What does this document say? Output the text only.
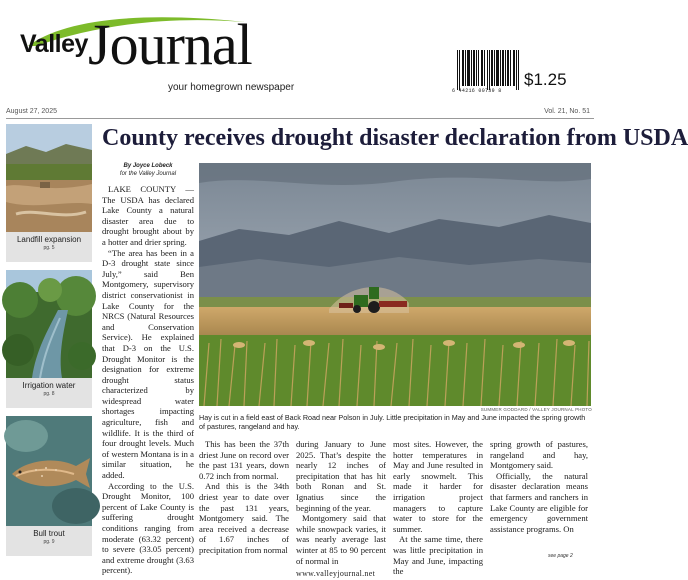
Valley Journal
your homegrown newspaper	6 44216 00739 8
$1.25
August 27, 2025	Vol. 21, No. 51
Landfill expansion
pg. 5
Irrigation water
pg. 8
Bull trout
pg. 9
County receives drought disaster declaration from USDA
By Joyce Lobeck
for the Valley Journal

LAKE COUNTY — The USDA has declared Lake County a natural disaster area due to drought brought about by a hotter and drier spring.

“The area has been in a D-3 drought state since July,” said Ben Montgomery, supervisory district conservationist in Lake County for the NRCS (Natural Resources and Conservation Service). He explained that D-3 on the U.S. Drought Monitor is the designation for extreme drought status characterized by widespread water shortages impacting agriculture, fish and wildlife. It is the third of four drought levels. Much of western Montana is in a similar situation, he added.

According to the U.S. Drought Monitor, 100 percent of Lake County is suffering drought conditions ranging from moderate (63.32 percent) to severe (33.05 percent) and extreme drought (3.63 percent).

SUMMER GODDARD / VALLEY JOURNAL PHOTO
Hay is cut in a field east of Back Road near Polson in July. Little precipitation in May and June impacted the spring growth of pastures, rangeland and hay.

This has been the 37th driest June on record over the past 131 years, down 0.72 inch from normal.

And this is the 34th driest year to date over the past 131 years, Montgomery said. The area received a decrease of 1.67 inches of precipitation from normal

during January to June 2025. That’s despite the nearly 12 inches of precipitation that has hit both Ronan and St. Ignatius since the beginning of the year.

Montgomery said that while snowpack varies, it was nearly average last winter at 85 to 90 percent of normal in

most sites. However, the hotter temperatures in May and June resulted in early snowmelt. This made it harder for irrigation project managers to capture water to store for the summer.

At the same time, there was little precipitation in May and June, impacting the

spring growth of pastures, rangeland and hay, Montgomery said.

Officially, the natural disaster declaration means that farmers and ranchers in Lake County are eligible for emergency government assistance programs. On

see page 2
www.valleyjournal.net
